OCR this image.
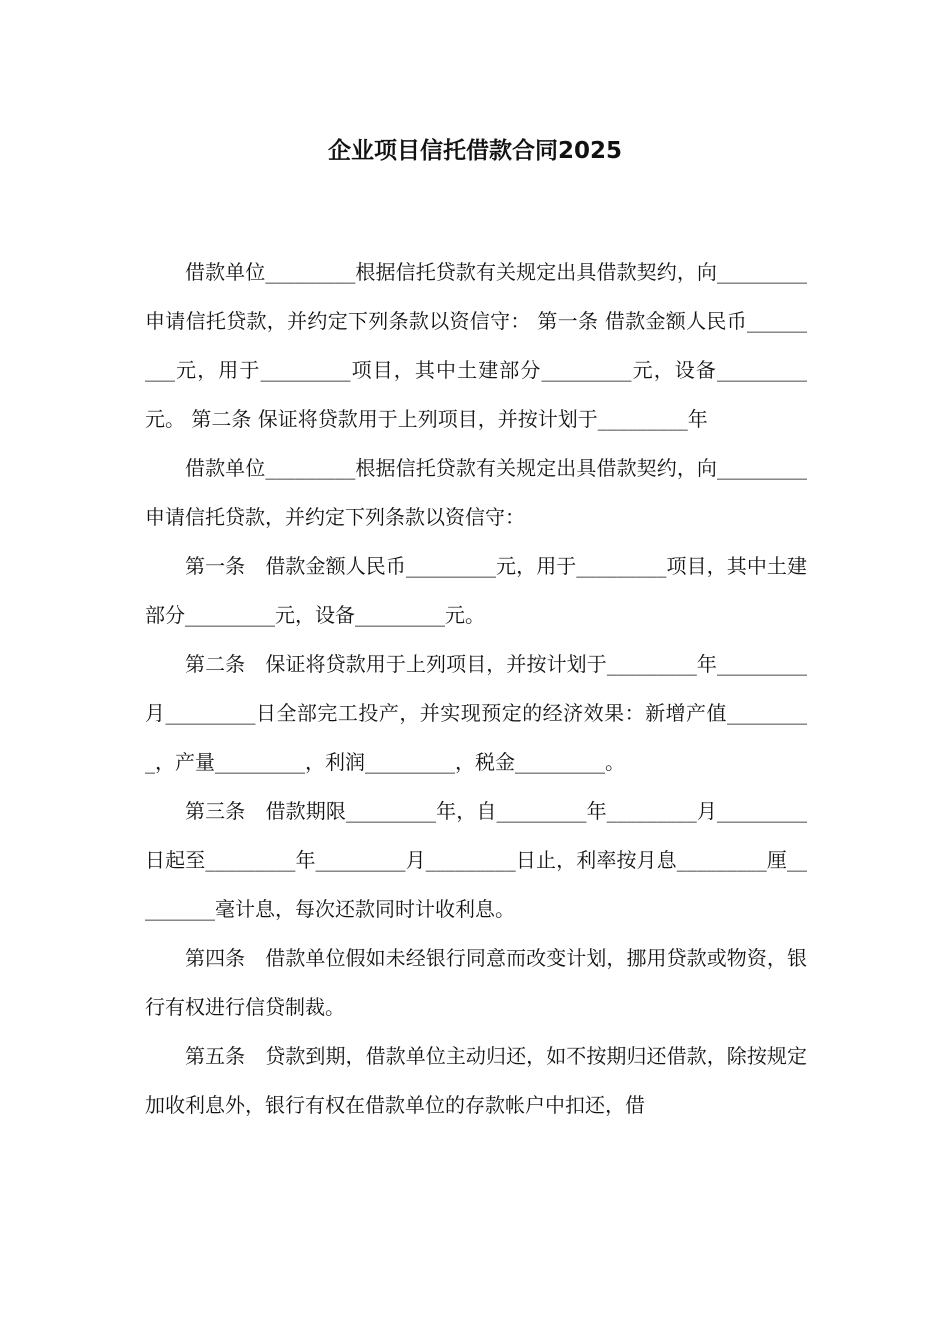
企业项目信托借款合同2025

借款单位_________根据信托贷款有关规定出具借款契约，向_________申请信托贷款，并约定下列条款以资信守： 第一条 借款金额人民币_________元，用于_________项目，其中土建部分_________元，设备_________元。 第二条 保证将贷款用于上列项目，并按计划于_________年

借款单位_________根据信托贷款有关规定出具借款契约，向_________申请信托贷款，并约定下列条款以资信守：

第一条　借款金额人民币_________元，用于_________项目，其中土建部分_________元，设备_________元。

第二条　保证将贷款用于上列项目，并按计划于_________年_________月_________日全部完工投产，并实现预定的经济效果：新增产值_________，产量_________，利润_________，税金_________。

第三条　借款期限_________年，自_________年_________月_________日起至_________年_________月_________日止，利率按月息_________厘_________毫计息，每次还款同时计收利息。

第四条　借款单位假如未经银行同意而改变计划，挪用贷款或物资，银行有权进行信贷制裁。

第五条　贷款到期，借款单位主动归还，如不按期归还借款，除按规定加收利息外，银行有权在借款单位的存款帐户中扣还，借
